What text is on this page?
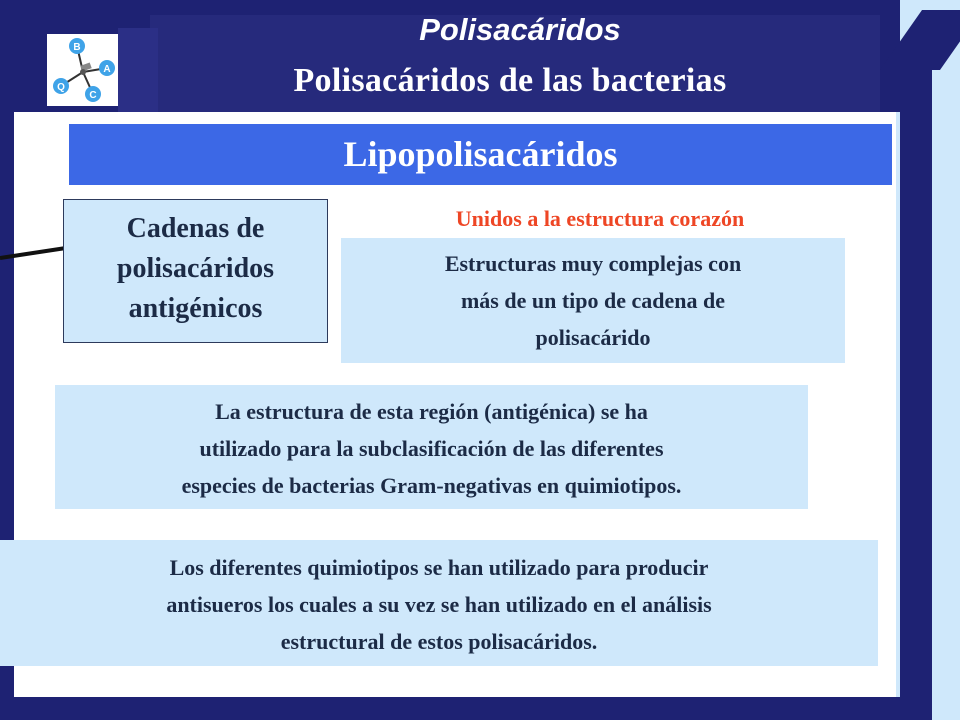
B
A
C
Q
Polisacáridos
Polisacáridos de las bacterias
Lipopolisacáridos
Cadenas de
polisacáridos
antigénicos
Unidos a la estructura corazón
Estructuras muy complejas con
más de un tipo de cadena de
polisacárido
La estructura de esta región (antigénica) se ha
utilizado para la subclasificación de las diferentes
especies de bacterias Gram-negativas en quimiotipos.
Los diferentes quimiotipos se han utilizado para producir
antisueros los cuales a su vez se han utilizado en el análisis
estructural de estos polisacáridos.
